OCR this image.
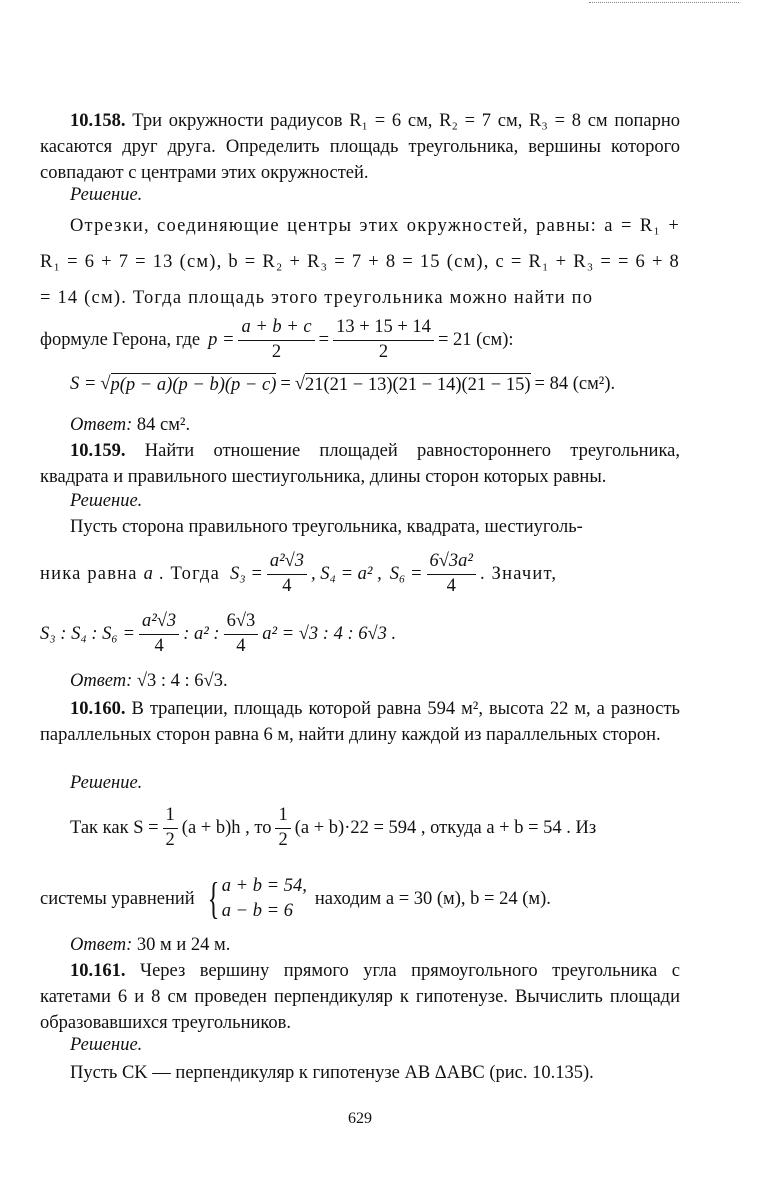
10.158. Три окружности радиусов R₁ = 6 см, R₂ = 7 см, R₃ = 8 см попарно касаются друг друга. Определить площадь треугольника, вершины которого совпадают с центрами этих окружностей.
Решение.
Отрезки, соединяющие центры этих окружностей, равны: a = R₁ + R₁ = 6 + 7 = 13 (см), b = R₂ + R₃ = 7 + 8 = 15 (см), c = R₁ + R₃ = = 6 + 8 = 14 (см). Тогда площадь этого треугольника можно найти по
формуле Герона, где $p = \frac{a + b + c}{2} = \frac{13 + 15 + 14}{2} = 21$ (см):
S = √ p(p − a)(p − b)(p − c) = √ 21(21 − 13)(21 − 14)(21 − 15) = 84 (см²).
Ответ: 84 см².
10.159. Найти отношение площадей равностороннего треугольника, квадрата и правильного шестиугольника, длины сторон которых равны.
Решение.
Пусть сторона правильного треугольника, квадрата, шестиуголь-
ника равна a . Тогда $S_3 = \frac{\text{a²√3}}{4}$ , S₄ = a² , $S_6 = \frac{\text{6√3a²}}{4}$ . Значит,
S₃ : S₄ : $S_6 = \frac{\text{a²√3}}{4}$ : a² : $\frac{6√3}{4} a^2 = √3$ : 4 : 6√3 .
Ответ: √3 : 4 : 6√3.
10.160. В трапеции, площадь которой равна 594 м², высота 22 м, а разность параллельных сторон равна 6 м, найти длину каждой из параллельных сторон.
Решение.
Так как $S = \frac{1}{2} (a + b)h$ , то $\frac{1}{2} (a + b)\cdot 22 = 594$ , откуда a + b = 54 . Из
системы уравнений { a + b = 54,
a − b = 6
находим a = 30 (м), b = 24 (м).
Ответ: 30 м и 24 м.
10.161. Через вершину прямого угла прямоугольного треугольника с катетами 6 и 8 см проведен перпендикуляр к гипотенузе. Вычислить площади образовавшихся треугольников.
Решение.
Пусть CK — перпендикуляр к гипотенузе AB ΔABC (рис. 10.135).
629
